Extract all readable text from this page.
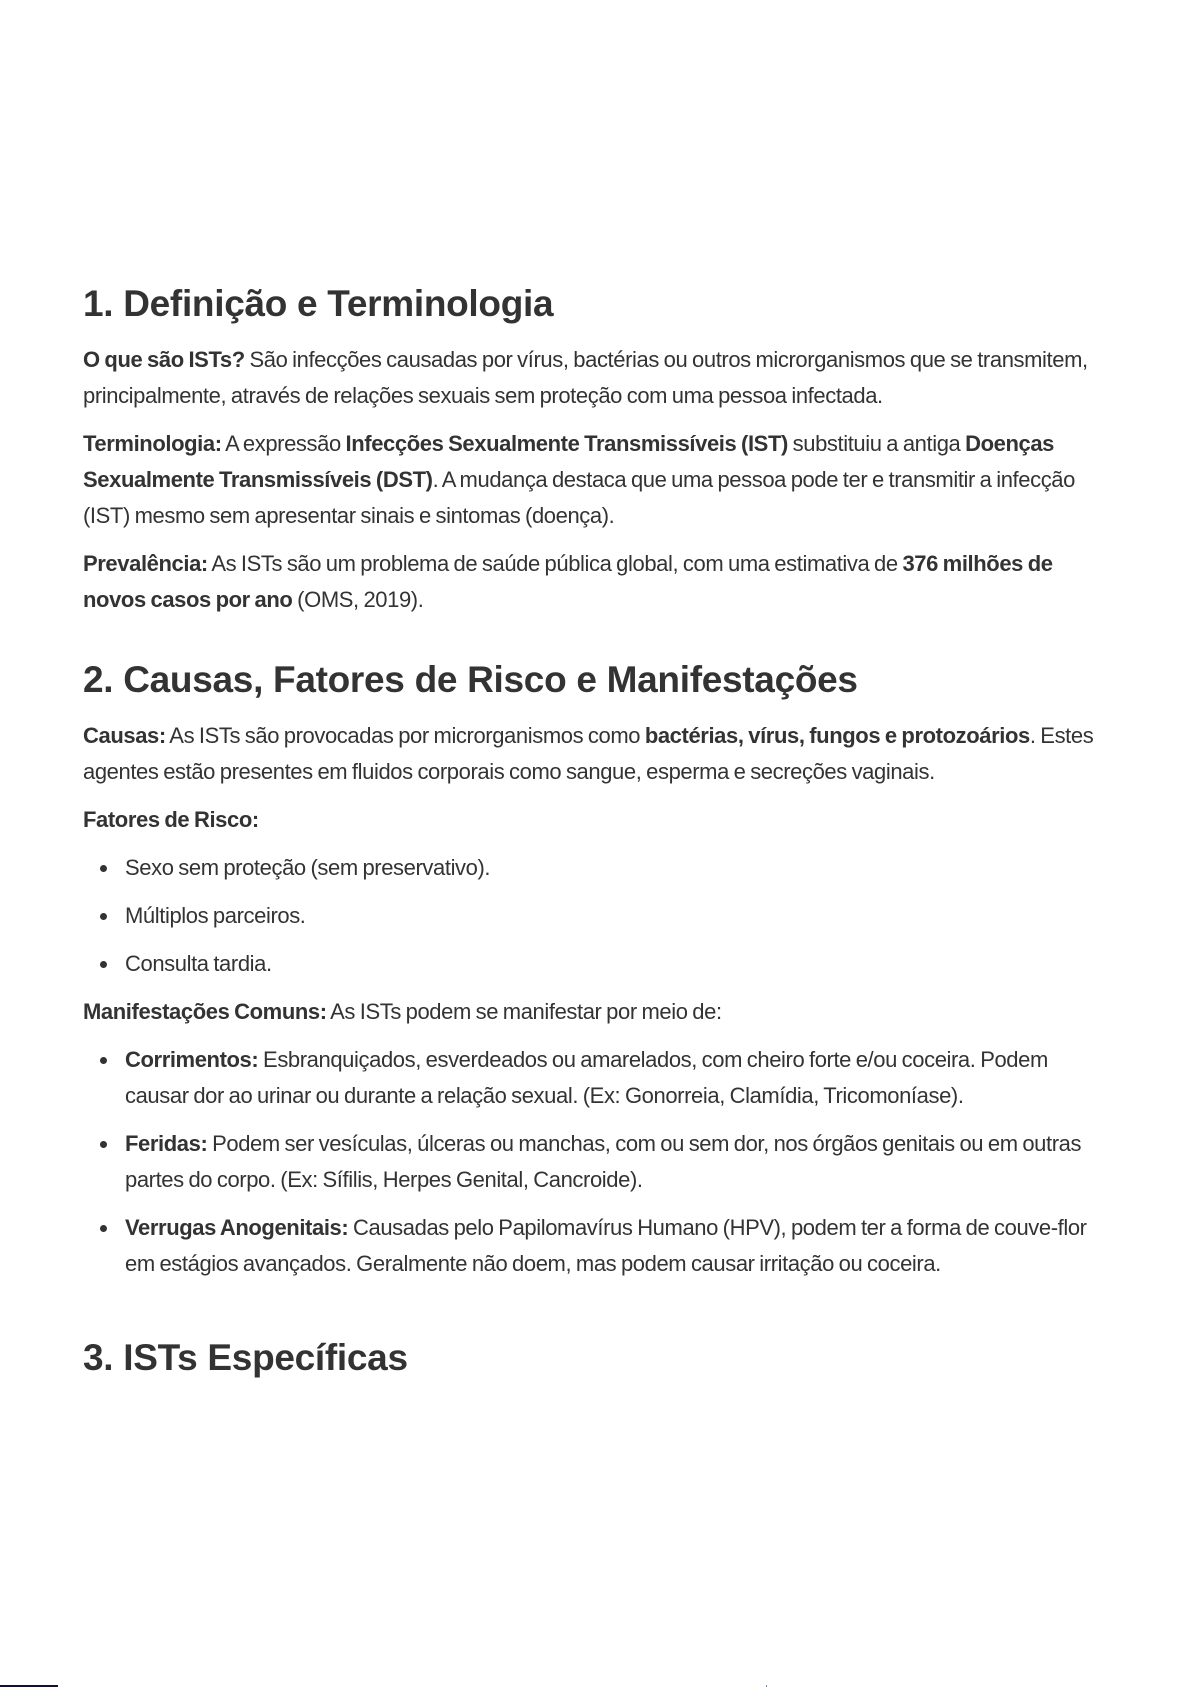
1. Definição e Terminologia

O que são ISTs? São infecções causadas por vírus, bactérias ou outros microrganismos que se transmitem, principalmente, através de relações sexuais sem proteção com uma pessoa infectada.

Terminologia: A expressão Infecções Sexualmente Transmissíveis (IST) substituiu a antiga Doenças Sexualmente Transmissíveis (DST). A mudança destaca que uma pessoa pode ter e transmitir a infecção (IST) mesmo sem apresentar sinais e sintomas (doença).

Prevalência: As ISTs são um problema de saúde pública global, com uma estimativa de 376 milhões de novos casos por ano (OMS, 2019).

2. Causas, Fatores de Risco e Manifestações

Causas: As ISTs são provocadas por microrganismos como bactérias, vírus, fungos e protozoários. Estes agentes estão presentes em fluidos corporais como sangue, esperma e secreções vaginais.

Fatores de Risco:

Sexo sem proteção (sem preservativo).
Múltiplos parceiros.
Consulta tardia.

Manifestações Comuns: As ISTs podem se manifestar por meio de:

Corrimentos: Esbranquiçados, esverdeados ou amarelados, com cheiro forte e/ou coceira. Podem causar dor ao urinar ou durante a relação sexual. (Ex: Gonorreia, Clamídia, Tricomoníase).
Feridas: Podem ser vesículas, úlceras ou manchas, com ou sem dor, nos órgãos genitais ou em outras partes do corpo. (Ex: Sífilis, Herpes Genital, Cancroide).
Verrugas Anogenitais: Causadas pelo Papilomavírus Humano (HPV), podem ter a forma de couve-flor em estágios avançados. Geralmente não doem, mas podem causar irritação ou coceira.
3. ISTs Específicas
